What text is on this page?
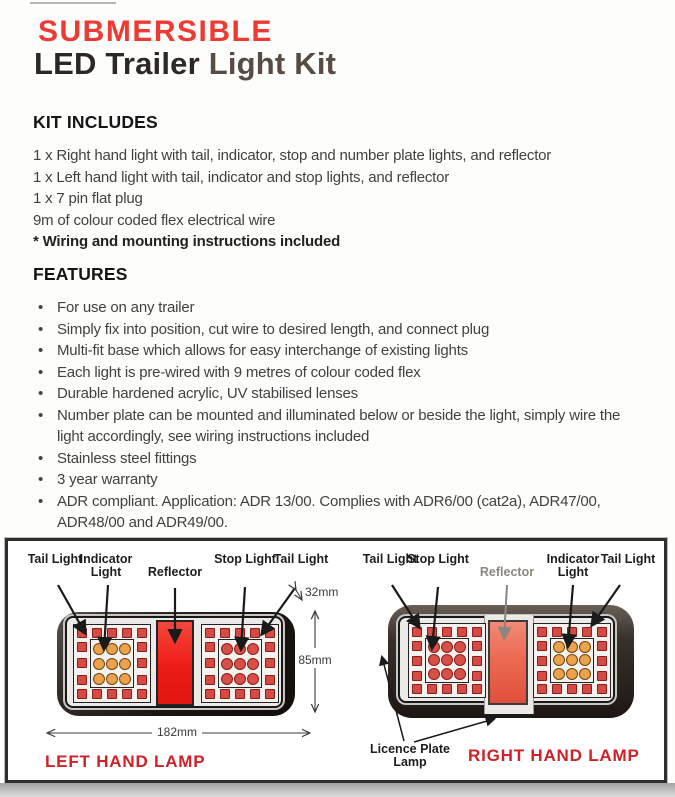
SUBMERSIBLE
LED Trailer Light Kit
KIT INCLUDES

1 x Right hand light with tail, indicator, stop and number plate lights, and reflector

1 x Left hand light with tail, indicator and stop lights, and reflector

1 x 7 pin flat plug

9m of colour coded flex electrical wire

* Wiring and mounting instructions included

FEATURES
• For use on any trailer
• Simply fix into position, cut wire to desired length, and connect plug
• Multi-fit base which allows for easy interchange of existing lights
• Each light is pre-wired with 9 metres of colour coded flex
• Durable hardened acrylic, UV stabilised lenses
• Number plate can be mounted and illuminated below or beside the light, simply wire the light accordingly, see wiring instructions included
• Stainless steel fittings
• 3 year warranty
• ADR compliant. Application: ADR 13/00. Complies with ADR6/00 (cat2a), ADR47/00, ADR48/00 and ADR49/00.
Tail Light
Indicator Light	Reflector
Stop Light
Tail Light	Tail Light
Stop Light
Reflector
Indicator Light
Tail Light
32mm
85mm
182mm
LEFT HAND LAMP	RIGHT HAND LAMP
Licence Plate Lamp
